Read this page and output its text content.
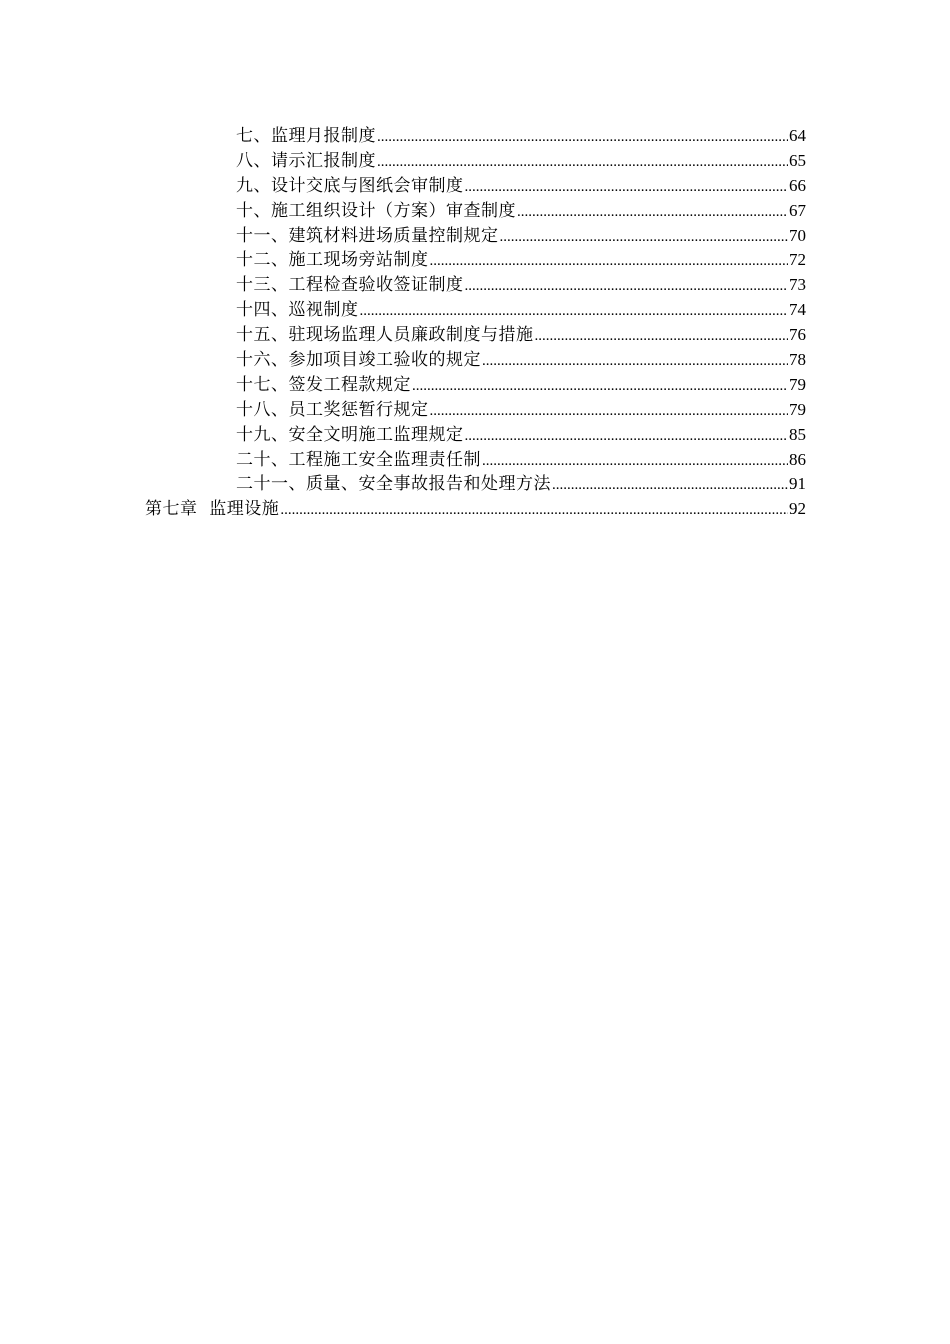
七、监理月报制度 .....	64
八、请示汇报制度 .....	65
九、设计交底与图纸会审制度 .....	66
十、施工组织设计（方案）审查制度 .....	67
十一、建筑材料进场质量控制规定 .....	70
十二、施工现场旁站制度 .....	72
十三、工程检查验收签证制度 .....	73
十四、巡视制度 .....	74
十五、驻现场监理人员廉政制度与措施 .....	76
十六、参加项目竣工验收的规定 .....	78
十七、签发工程款规定 .....	79
十八、员工奖惩暂行规定 .....	79
十九、安全文明施工监理规定 .....	85
二十、工程施工安全监理责任制 .....	86
二十一、质量、安全事故报告和处理方法 .....	91
第七章  监理设施 .....	92
